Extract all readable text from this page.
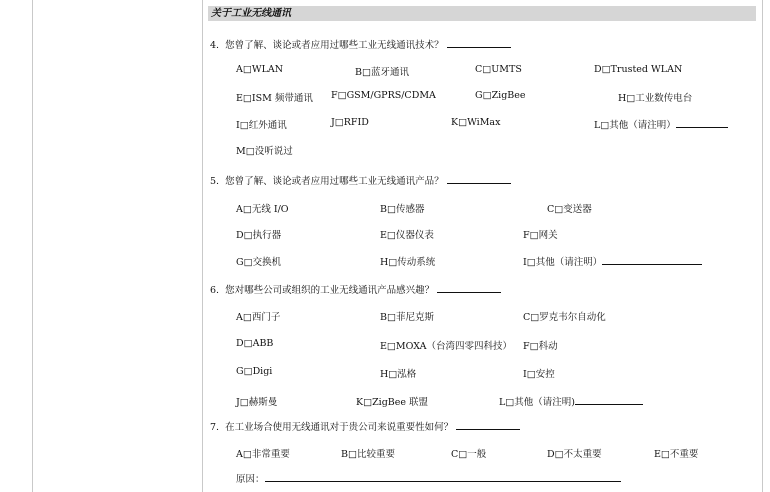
关于工业无线通讯
4. 您曾了解、谈论或者应用过哪些工业无线通讯技术？
A□WLAN	B□蓝牙通讯	C□UMTS	D□Trusted WLAN
E□ISM 频带通讯 F□GSM/GPRS/CDMA	G□ZigBee	H□工业数传电台
I□红外通讯	J□RFID	K□WiMax	L□其他（请注明）
M□没听说过
5. 您曾了解、谈论或者应用过哪些工业无线通讯产品？
A□无线 I/O	B□传感器	C□变送器
D□执行器	E□仪器仪表	F□网关
G□交换机	H□传动系统	I□其他（请注明）
6. 您对哪些公司或组织的工业无线通讯产品感兴趣？
A□西门子	B□菲尼克斯	C□罗克韦尔自动化
D□ABB	E□MOXA（台湾四零四科技） F□科动
G□Digi	H□泓格	I□安控
J□赫斯曼	K□ZigBee 联盟	L□其他（请注明)
7. 在工业场合使用无线通讯对于贵公司来说重要性如何？
A□非常重要	B□比较重要	C□一般	D□不太重要	E□不重要
原因：
